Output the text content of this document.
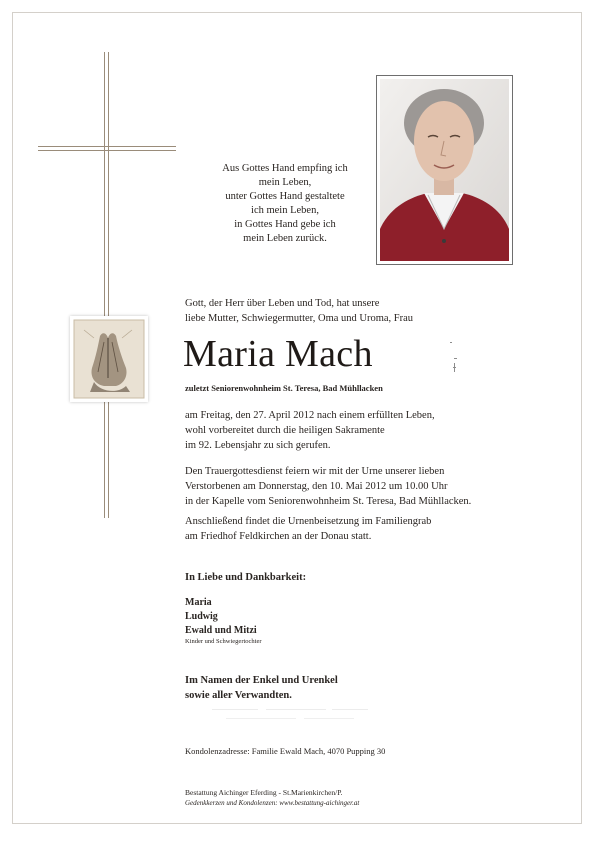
Aus Gottes Hand empfing ich
mein Leben,
unter Gottes Hand gestaltete
ich mein Leben,
in Gottes Hand gebe ich
mein Leben zurück.
Gott, der Herr über Leben und Tod, hat unsere
liebe Mutter, Schwiegermutter, Oma und Uroma, Frau
Maria Mach
zuletzt Seniorenwohnheim St. Teresa, Bad Mühllacken
am Freitag, den 27. April 2012 nach einem erfüllten Leben,
wohl vorbereitet durch die heiligen Sakramente
im 92. Lebensjahr zu sich gerufen.
Den Trauergottesdienst feiern wir mit der Urne unserer lieben
Verstorbenen am Donnerstag, den 10. Mai 2012 um 10.00 Uhr
in der Kapelle vom Seniorenwohnheim St. Teresa, Bad Mühllacken.
Anschließend findet die Urnenbeisetzung im Familiengrab
am Friedhof Feldkirchen an der Donau statt.
In Liebe und Dankbarkeit:
Maria
Ludwig
Ewald und Mitzi
Kinder und Schwiegertochter
Im Namen der Enkel und Urenkel
sowie aller Verwandten.
Kondolenzadresse: Familie Ewald Mach, 4070 Pupping 30
Bestattung Aichinger Eferding - St.Marienkirchen/P.
Gedenkkerzen und Kondolenzen: www.bestattung-aichinger.at
